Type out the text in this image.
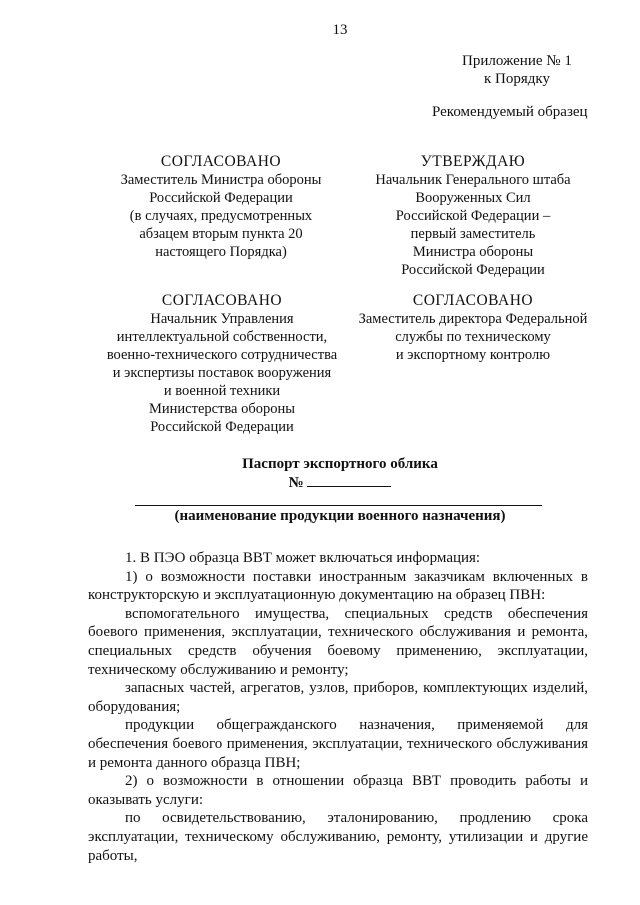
13
Приложение № 1
к Порядку
Рекомендуемый образец
СОГЛАСОВАНО
Заместитель Министра обороны
Российской Федерации
(в случаях, предусмотренных
абзацем вторым пункта 20
настоящего Порядка)
УТВЕРЖДАЮ
Начальник Генерального штаба
Вооруженных Сил
Российской Федерации –
первый заместитель
Министра обороны
Российской Федерации
СОГЛАСОВАНО
Начальник Управления
интеллектуальной собственности,
военно-технического сотрудничества
и экспертизы поставок вооружения
и военной техники
Министерства обороны
Российской Федерации
СОГЛАСОВАНО
Заместитель директора Федеральной
службы по техническому
и экспортному контролю
Паспорт экспортного облика
№
(наименование продукции военного назначения)

1. В ПЭО образца ВВТ может включаться информация:

1) о возможности поставки иностранным заказчикам включенных в конструкторскую и эксплуатационную документацию на образец ПВН:

вспомогательного имущества, специальных средств обеспечения боевого применения, эксплуатации, технического обслуживания и ремонта, специальных средств обучения боевому применению, эксплуатации, техническому обслуживанию и ремонту;

запасных частей, агрегатов, узлов, приборов, комплектующих изделий, оборудования;

продукции общегражданского назначения, применяемой для обеспечения боевого применения, эксплуатации, технического обслуживания и ремонта данного образца ПВН;

2) о возможности в отношении образца ВВТ проводить работы и оказывать услуги:

по освидетельствованию, эталонированию, продлению срока эксплуатации, техническому обслуживанию, ремонту, утилизации и другие работы,
